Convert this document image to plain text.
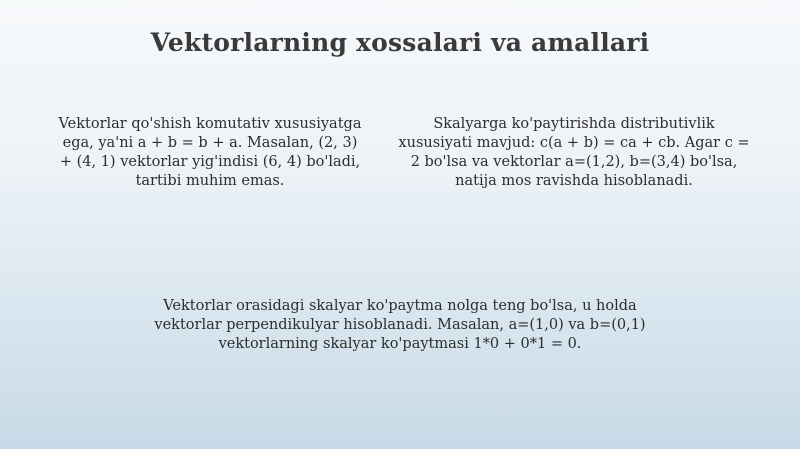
Vektorlarning xossalari va amallari
Vektorlar qo'shish komutativ xususiyatga ega, ya'ni a + b = b + a. Masalan, (2, 3) + (4, 1) vektorlar yig'indisi (6, 4) bo'ladi, tartibi muhim emas.
Skalyarga ko'paytirishda distributivlik xususiyati mavjud: c(a + b) = ca + cb. Agar c = 2 bo'lsa va vektorlar a=(1,2), b=(3,4) bo'lsa, natija mos ravishda hisoblanadi.
Vektorlar orasidagi skalyar ko'paytma nolga teng bo'lsa, u holda vektorlar perpendikulyar hisoblanadi. Masalan, a=(1,0) va b=(0,1) vektorlarning skalyar ko'paytmasi 1*0 + 0*1 = 0.
